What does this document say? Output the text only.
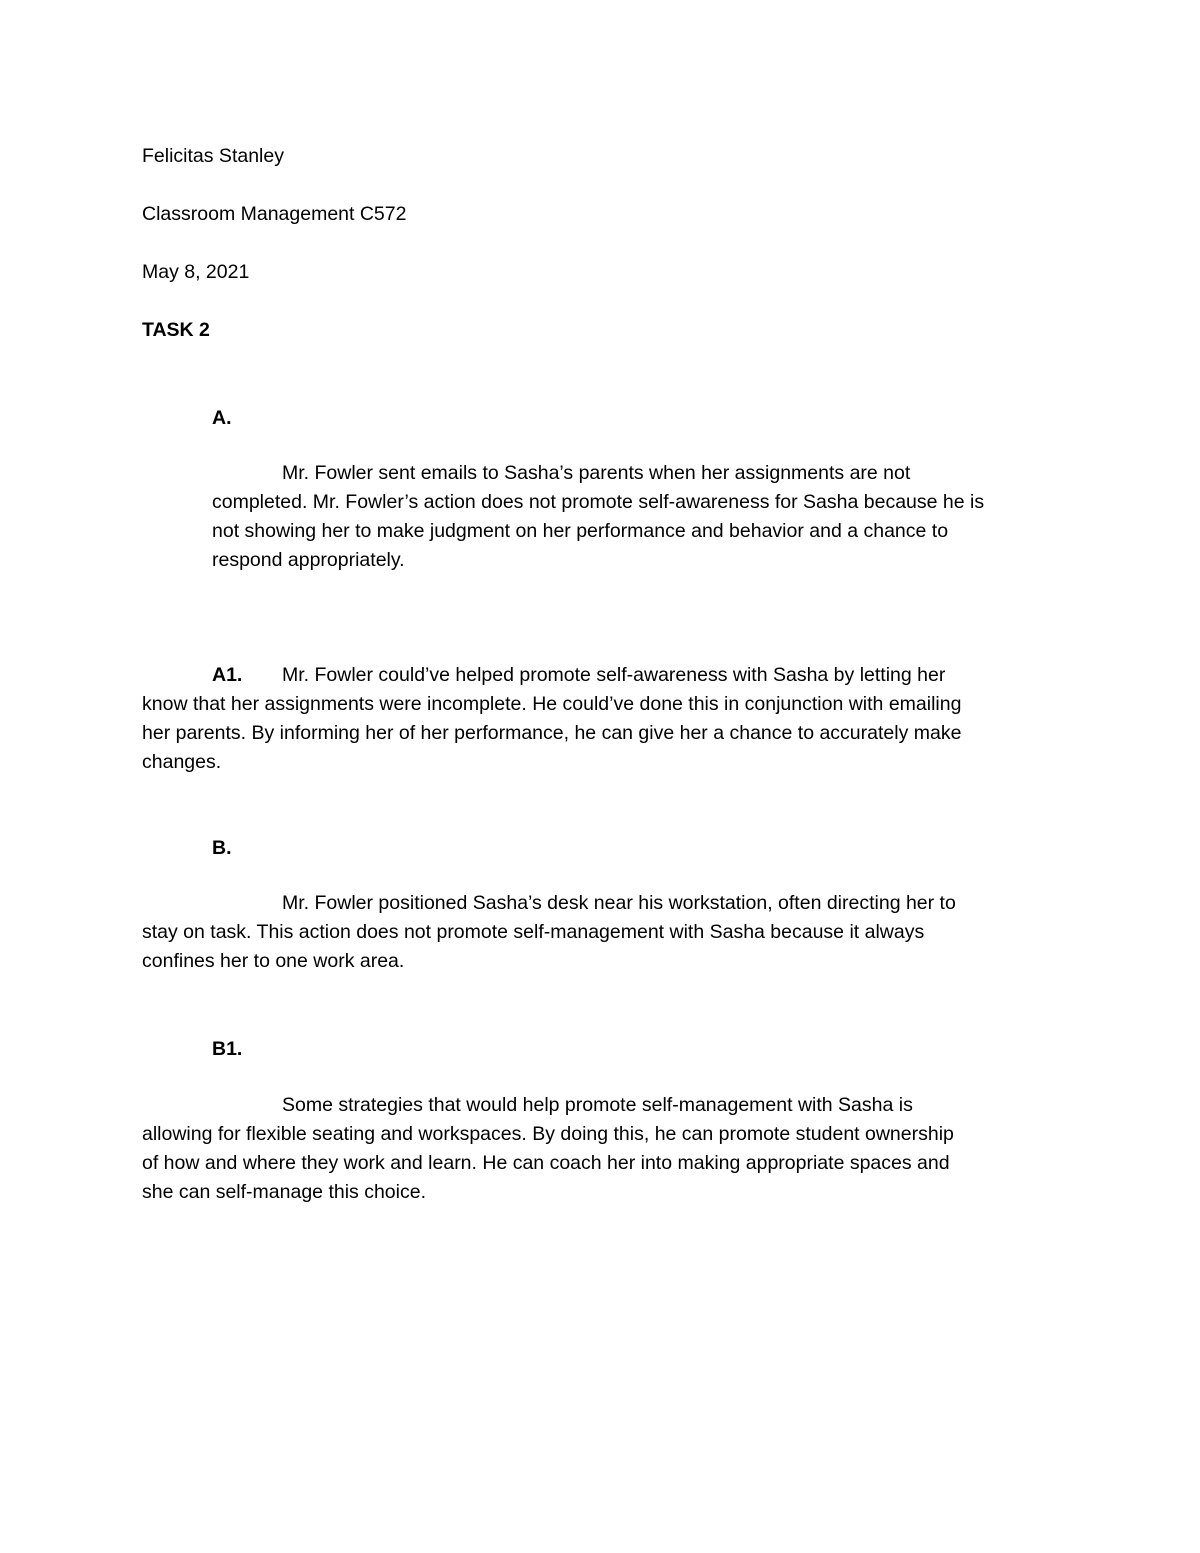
Felicitas Stanley
Classroom Management C572
May 8, 2021
TASK 2
A.
Mr. Fowler sent emails to Sasha’s parents when her assignments are not
completed. Mr. Fowler’s action does not promote self-awareness for Sasha because he is
not showing her to make judgment on her performance and behavior and a chance to
respond appropriately.
A1.	Mr. Fowler could’ve helped promote self-awareness with Sasha by letting her
know that her assignments were incomplete. He could’ve done this in conjunction with emailing
her parents. By informing her of her performance, he can give her a chance to accurately make
changes.
B.
Mr. Fowler positioned Sasha’s desk near his workstation, often directing her to
stay on task. This action does not promote self-management with Sasha because it always
confines her to one work area.
B1.
Some strategies that would help promote self-management with Sasha is
allowing for flexible seating and workspaces. By doing this, he can promote student ownership
of how and where they work and learn. He can coach her into making appropriate spaces and
she can self-manage this choice.
